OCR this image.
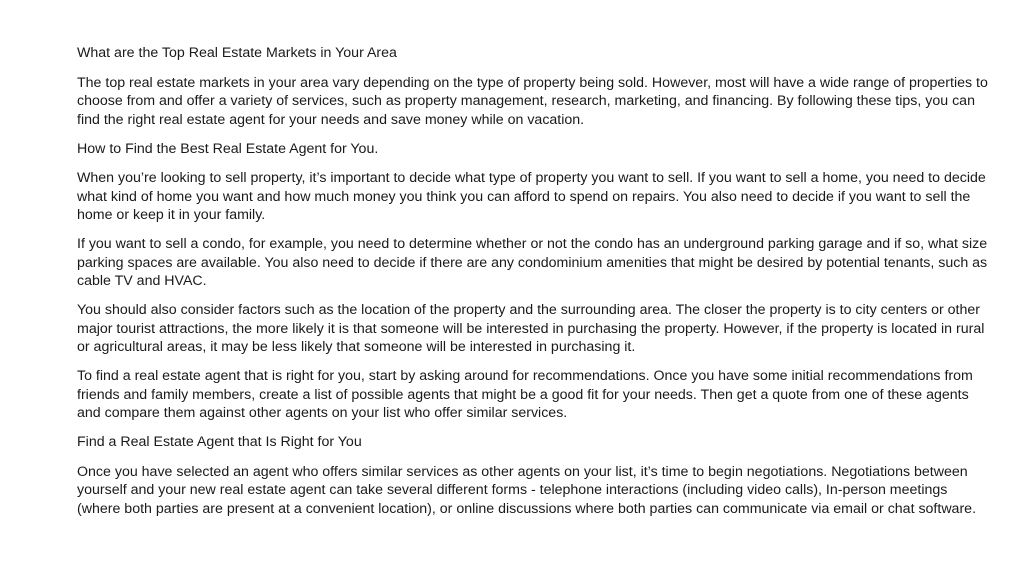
What are the Top Real Estate Markets in Your Area

The top real estate markets in your area vary depending on the type of property being sold. However, most will have a wide range of properties to choose from and offer a variety of services, such as property management, research, marketing, and financing. By following these tips, you can find the right real estate agent for your needs and save money while on vacation.

How to Find the Best Real Estate Agent for You.

When you’re looking to sell property, it’s important to decide what type of property you want to sell. If you want to sell a home, you need to decide what kind of home you want and how much money you think you can afford to spend on repairs. You also need to decide if you want to sell the home or keep it in your family.

If you want to sell a condo, for example, you need to determine whether or not the condo has an underground parking garage and if so, what size parking spaces are available. You also need to decide if there are any condominium amenities that might be desired by potential tenants, such as cable TV and HVAC.

You should also consider factors such as the location of the property and the surrounding area. The closer the property is to city centers or other major tourist attractions, the more likely it is that someone will be interested in purchasing the property. However, if the property is located in rural or agricultural areas, it may be less likely that someone will be interested in purchasing it.

To find a real estate agent that is right for you, start by asking around for recommendations. Once you have some initial recommendations from friends and family members, create a list of possible agents that might be a good fit for your needs. Then get a quote from one of these agents and compare them against other agents on your list who offer similar services.

Find a Real Estate Agent that Is Right for You

Once you have selected an agent who offers similar services as other agents on your list, it’s time to begin negotiations. Negotiations between yourself and your new real estate agent can take several different forms - telephone interactions (including video calls), In-person meetings (where both parties are present at a convenient location), or online discussions where both parties can communicate via email or chat software.
